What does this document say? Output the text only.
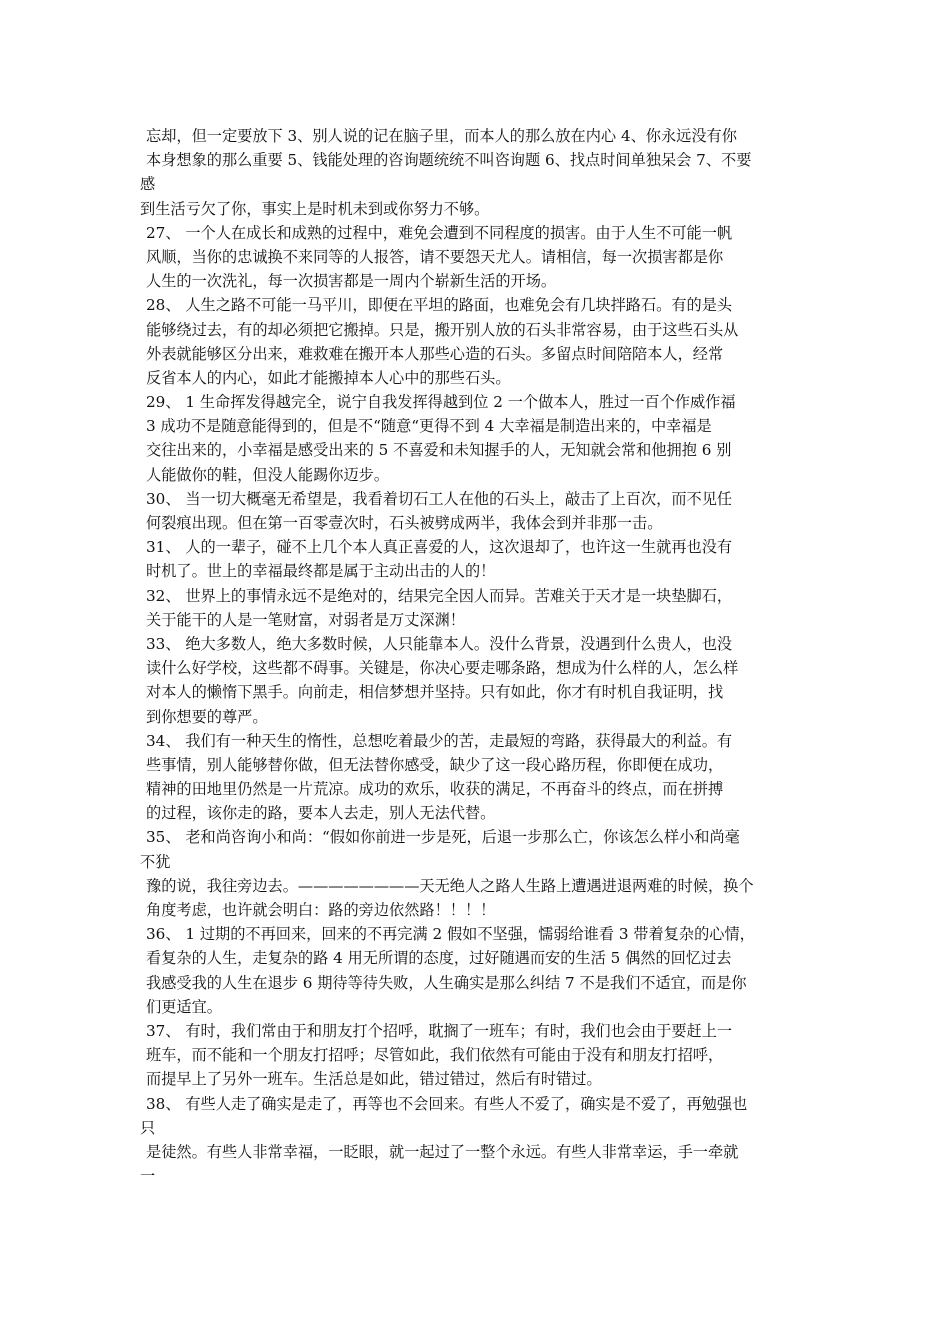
忘却，但一定要放下 3、别人说的记在脑子里，而本人的那么放在内心 4、你永远没有你
本身想象的那么重要 5、钱能处理的咨询题统统不叫咨询题 6、找点时间单独呆会 7、不要
感
到生活亏欠了你，事实上是时机未到或你努力不够。
27、 一个人在成长和成熟的过程中，难免会遭到不同程度的损害。由于人生不可能一帆
风顺，当你的忠诚换不来同等的人报答，请不要怨天尤人。请相信，每一次损害都是你
人生的一次洗礼，每一次损害都是一周内个崭新生活的开场。
28、 人生之路不可能一马平川，即便在平坦的路面，也难免会有几块拌路石。有的是头
能够绕过去，有的却必须把它搬掉。只是，搬开别人放的石头非常容易，由于这些石头从
外表就能够区分出来，难救难在搬开本人那些心造的石头。多留点时间陪陪本人，经常
反省本人的内心，如此才能搬掉本人心中的那些石头。
29、 1 生命挥发得越完全，说宁自我发挥得越到位 2 一个做本人，胜过一百个作威作福
3 成功不是随意能得到的，但是不“随意“更得不到 4 大幸福是制造出来的，中幸福是
交往出来的，小幸福是感受出来的 5 不喜爱和未知握手的人，无知就会常和他拥抱 6 别
人能做你的鞋，但没人能踢你迈步。
30、 当一切大概毫无希望是，我看着切石工人在他的石头上，敲击了上百次，而不见任
何裂痕出现。但在第一百零壹次时，石头被劈成两半，我体会到并非那一击。
31、 人的一辈子，碰不上几个本人真正喜爱的人，这次退却了，也许这一生就再也没有
时机了。世上的幸福最终都是属于主动出击的人的！
32、 世界上的事情永远不是绝对的，结果完全因人而异。苦难关于天才是一块垫脚石，
关于能干的人是一笔财富，对弱者是万丈深渊！
33、 绝大多数人，绝大多数时候，人只能靠本人。没什么背景，没遇到什么贵人，也没
读什么好学校，这些都不碍事。关键是，你决心要走哪条路，想成为什么样的人，怎么样
对本人的懒惰下黑手。向前走，相信梦想并坚持。只有如此，你才有时机自我证明，找
到你想要的尊严。
34、 我们有一种天生的惰性，总想吃着最少的苦，走最短的弯路，获得最大的利益。有
些事情，别人能够替你做，但无法替你感受，缺少了这一段心路历程，你即便在成功，
精神的田地里仍然是一片荒凉。成功的欢乐，收获的满足，不再奋斗的终点，而在拼搏
的过程，该你走的路，要本人去走，别人无法代替。
35、 老和尚咨询小和尚：“假如你前进一步是死，后退一步那么亡，你该怎么样小和尚毫
不犹
豫的说，我往旁边去。————————天无绝人之路人生路上遭遇进退两难的时候，换个
角度考虑，也许就会明白：路的旁边依然路！！！！
36、 1 过期的不再回来，回来的不再完满 2 假如不坚强，懦弱给谁看 3 带着复杂的心情，
看复杂的人生，走复杂的路 4 用无所谓的态度，过好随遇而安的生活 5 偶然的回忆过去
我感受我的人生在退步 6 期待等待失败，人生确实是那么纠结 7 不是我们不适宜，而是你
们更适宜。
37、 有时，我们常由于和朋友打个招呼，耽搁了一班车；有时，我们也会由于要赶上一
班车，而不能和一个朋友打招呼；尽管如此，我们依然有可能由于没有和朋友打招呼，
而提早上了另外一班车。生活总是如此，错过错过，然后有时错过。
38、 有些人走了确实是走了，再等也不会回来。有些人不爱了，确实是不爱了，再勉强也
只
是徒然。有些人非常幸福，一眨眼，就一起过了一整个永远。有些人非常幸运，手一牵就
一
